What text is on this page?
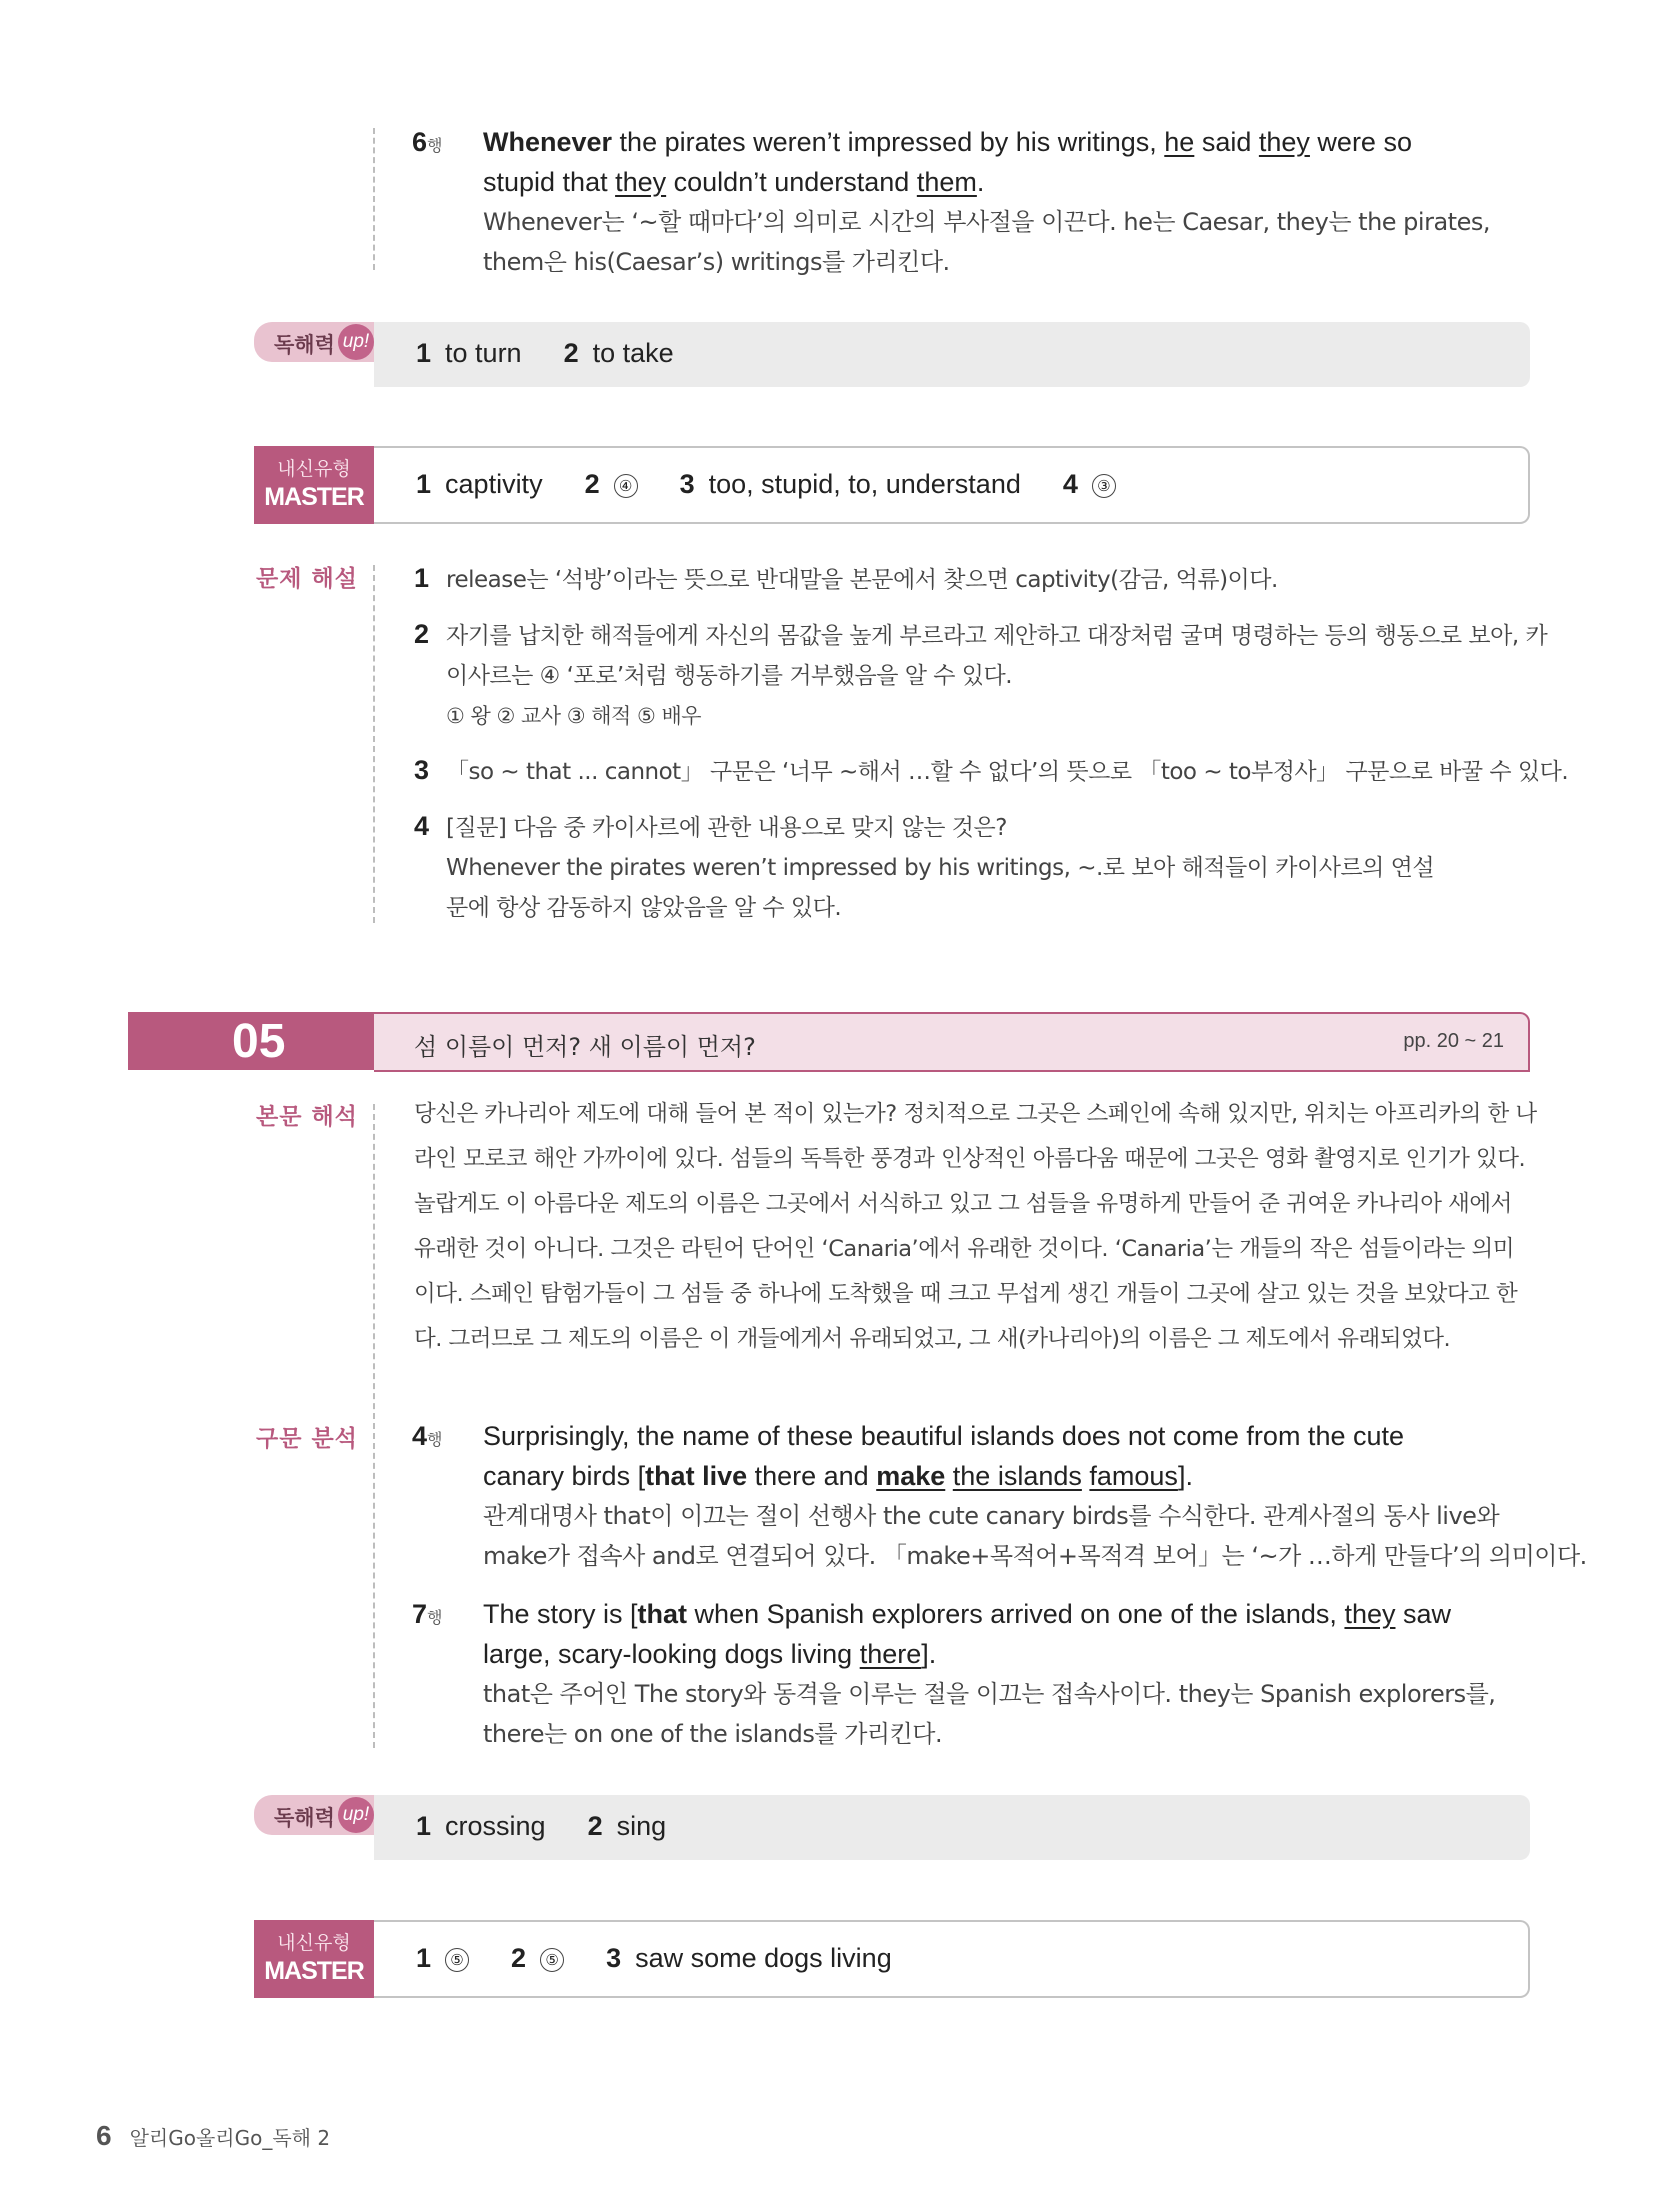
6행 Whenever the pirates weren’t impressed by his writings, he said they were so
stupid that they couldn’t understand them.
Whenever는 ‘~할 때마다’의 의미로 시간의 부사절을 이끈다. he는 Caesar, they는 the pirates,
them은 his(Caesar’s) writings를 가리킨다.
독해력 up! 1 to turn 2 to take
내신유형
MASTER	1 captivity 2 ④ 3 too, stupid, to, understand 4 ③
문제 해설 1 release는 ‘석방’이라는 뜻으로 반대말을 본문에서 찾으면 captivity(감금, 억류)이다.
2 자기를 납치한 해적들에게 자신의 몸값을 높게 부르라고 제안하고 대장처럼 굴며 명령하는 등의 행동으로 보아, 카
이사르는 ④ ‘포로’처럼 행동하기를 거부했음을 알 수 있다.
① 왕 ② 교사 ③ 해적 ⑤ 배우
3 「so ~ that ... cannot」 구문은 ‘너무 ~해서 …할 수 없다’의 뜻으로 「too ~ to부정사」 구문으로 바꿀 수 있다.
4 [질문] 다음 중 카이사르에 관한 내용으로 맞지 않는 것은?
Whenever the pirates weren’t impressed by his writings, ~.로 보아 해적들이 카이사르의 연설
문에 항상 감동하지 않았음을 알 수 있다.
05	섬 이름이 먼저? 새 이름이 먼저?	pp. 20 ~ 21
본문 해석 당신은 카나리아 제도에 대해 들어 본 적이 있는가? 정치적으로 그곳은 스페인에 속해 있지만, 위치는 아프리카의 한 나
라인 모로코 해안 가까이에 있다. 섬들의 독특한 풍경과 인상적인 아름다움 때문에 그곳은 영화 촬영지로 인기가 있다.
놀랍게도 이 아름다운 제도의 이름은 그곳에서 서식하고 있고 그 섬들을 유명하게 만들어 준 귀여운 카나리아 새에서
유래한 것이 아니다. 그것은 라틴어 단어인 ‘Canaria’에서 유래한 것이다. ‘Canaria’는 개들의 작은 섬들이라는 의미
이다. 스페인 탐험가들이 그 섬들 중 하나에 도착했을 때 크고 무섭게 생긴 개들이 그곳에 살고 있는 것을 보았다고 한
다. 그러므로 그 제도의 이름은 이 개들에게서 유래되었고, 그 새(카나리아)의 이름은 그 제도에서 유래되었다.
구문 분석 4행 Surprisingly, the name of these beautiful islands does not come from the cute
canary birds [that live there and make the islands famous].
관계대명사 that이 이끄는 절이 선행사 the cute canary birds를 수식한다. 관계사절의 동사 live와
make가 접속사 and로 연결되어 있다. 「make+목적어+목적격 보어」는 ‘~가 …하게 만들다’의 의미이다.
7행 The story is [that when Spanish explorers arrived on one of the islands, they saw
large, scary-looking dogs living there].
that은 주어인 The story와 동격을 이루는 절을 이끄는 접속사이다. they는 Spanish explorers를,
there는 on one of the islands를 가리킨다.
독해력 up! 1 crossing 2 sing
내신유형
MASTER	1 ⑤ 2 ⑤ 3 saw some dogs living
6 알리Go올리Go_독해 2
